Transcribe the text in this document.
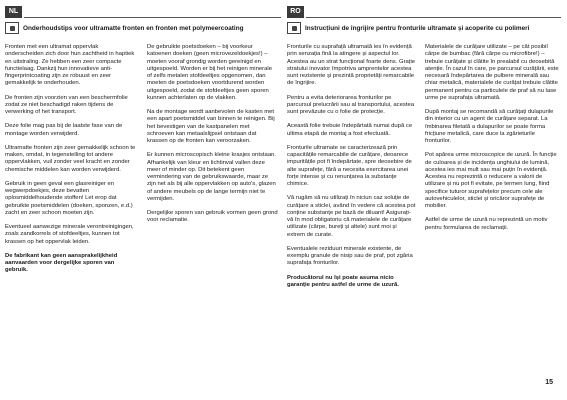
NL
Onderhoudstips voor ultramatte fronten en fronten met polymeercoating

Fronten met een ultramat oppervlak onderscheiden zich door hun zachtheid in haptiek en uitstraling. Ze hebben een zeer compacte functielaag. Dankzij hun innovatieve anti-fingerprintcoating zijn ze robuust en zeer gemakkelijk te onderhouden.

De fronten zijn voorzien van een beschermfolie zodat ze niet beschadigd raken tijdens de verwerking of het transport.

Deze folie mag pas bij de laatste fase van de montage worden verwijderd.

Ultramatte fronten zijn zeer gemakkelijk schoon te maken, omdat, in tegenstelling tot andere oppervlakken, vuil zonder veel kracht en zonder chemische middelen kan worden verwijderd.

Gebruik in geen geval een glasreiniger en wegwerpdoekjes, deze bevatten oplosmiddelhoudende stoffen! Let erop dat gebruikte poetsmiddelen (doeken, sponzen, e.d.) zacht en zeer schoon moeten zijn.

Eventueel aanwezige minerale verontreinigingen, zoals zandkorrels of stofdeeltjes, kunnen tot krassen op het oppervlak leiden.

De fabrikant kan geen aansprakelijkheid aanvaarden voor dergelijke sporen van gebruik.

De gebruikte poetsdoeken – bij voorkeur katoenen doeken (geen microvezeldoekjes!) – moeten vooraf grondig worden gereinigd en uitgespoeld. Worden er bij het reinigen minerale of zelfs metalen stofdeeltjes opgenomen, dan moeten de poetsdoeken voortdurend worden uitgespoeld, zodat de stofdeeltjes geen sporen kunnen achterlaten op de vlakken.

Na de montage wordt aanbevolen de kasten met een apart poetsmiddel van binnen te reinigen. Bij het bevestigen van de kastpanelen met schroeven kan metaalslijpsel ontstaan dat krassen op de fronten kan veroorzaken.

Er kunnen microscopisch kleine krasjes ontstaan. Afhankelijk van kleur en lichtinval vallen deze meer of minder op. Dit betekent geen vermindering van de gebruikswaarde, maar ze zijn net als bij alle oppervlakken op auto's, glazen of andere meubels op de lange termijn niet te vermijden.

Dergelijke sporen van gebruik vormen geen grond voor reclamatie.

RO
Instrucțiuni de îngrijire pentru fronturile ultramate și acoperite cu polimeri

Fronturile cu suprafață ultramată ies în evidență prin senzația fină la atingere și aspectul lor. Acestea au un strat funcțional foarte dens. Grație stratului inovator împotriva amprentelor acestea sunt rezistente și prezintă proprietăți remarcabile de îngrijire.

Pentru a evita deteriorarea fronturilor pe parcursul prelucrării sau al transportului, acestea sunt prevăzute cu o folie de protecție.

Această folie trebuie îndepărtată numai după ce ultima etapă de montaj a fost efectuată.

Fronturile ultramate se caracterizează prin capacitățile remarcabile de curățare, deoarece impuritățile pot fi îndepărtate, spre deosebire de alte suprafețe, fără a necesita exercitarea unei forțe intense și cu renunțarea la substanțe chimice.

Vă rugăm să nu utilizați în niciun caz soluție de curățare a sticlei, având în vedere că acestea pot conține substanțe pe bază de diluant! Asigurați-vă în mod obligatoriu că materialele de curățare utilizate (cârpe, bureți și altele) sunt moi și extrem de curate.

Eventualele reziduuri minerale existente, de exemplu granule de nisip sau de praf, pot zgâria suprafața fronturilor.

Producătorul nu își poate asuma nicio garanție pentru astfel de urme de uzură.

Materialele de curățare utilizate – pe cât posibil cârpe de bumbac (fără cârpe cu microfibre!) – trebuie curățate și clătite în prealabil cu deosebită atenție. În cazul în care, pe parcursul curățării, este necesară îndepărtarea de pulbere minerală sau chiar metalică, materialele de curățat trebuie clătite permanent pentru ca particulele de praf să nu lase urme pe suprafața ultramată.

După montaj se recomandă să curățați dulapurile din interior cu un agent de curățare separat. La îmbinarea filetată a dulapurilor se poate forma fricțiune metalică, care duce la zgârieturile fronturilor.

Pot apărea urme microscopice de uzură. În funcție de culoarea și de incidența unghiului de lumină, acestea ies mai mult sau mai puțin în evidență. Acestea nu reprezintă o reducere a valorii de utilizare și nu pot fi evitate, pe termen lung, fiind specifice tuturor suprafețelor precum cele ale autovehiculelor, sticlei și oricăror suprafețe de mobilier.

Astfel de urme de uzură nu reprezintă un motiv pentru formularea de reclamații.

15
